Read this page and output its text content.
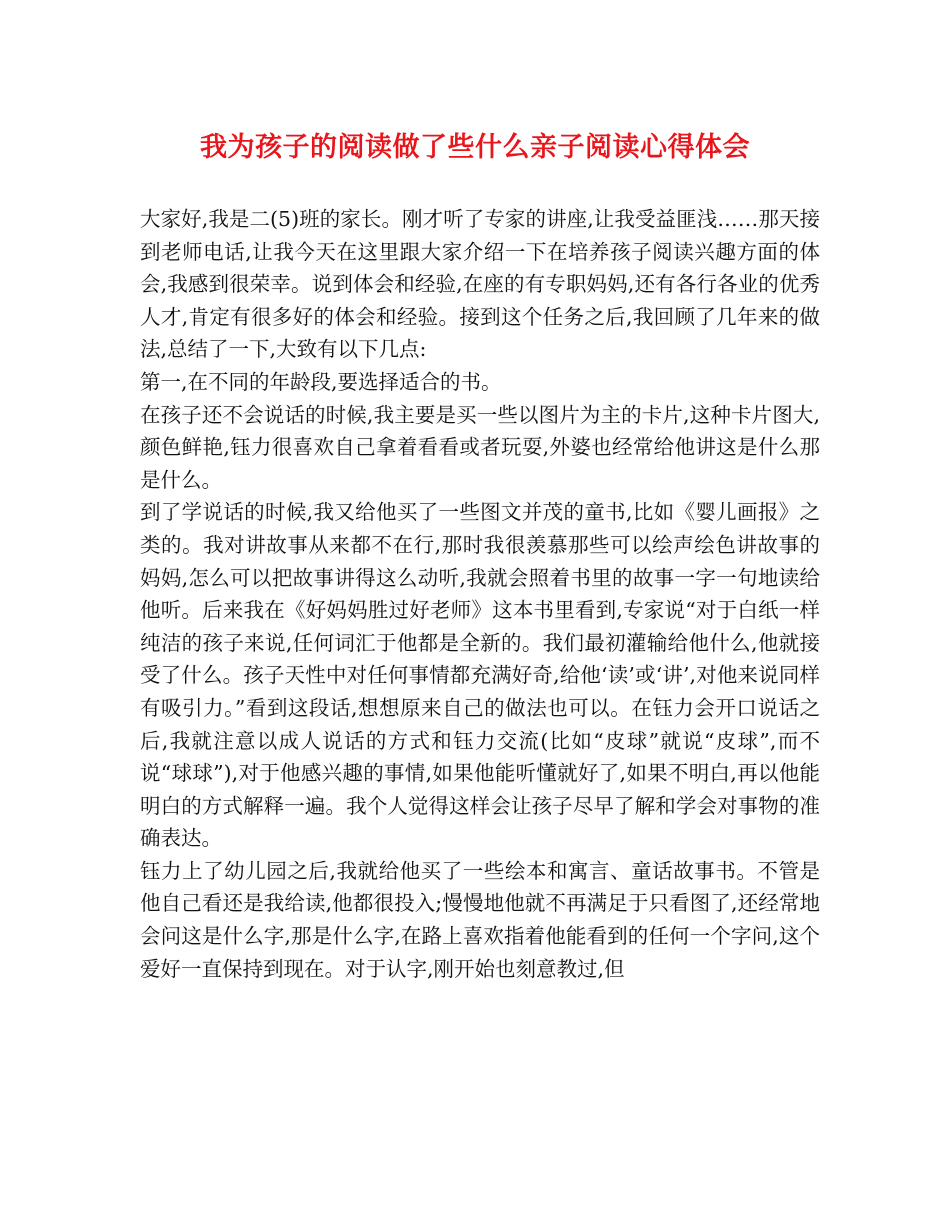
我为孩子的阅读做了些什么亲子阅读心得体会

大家好,我是二(5)班的家长。刚才听了专家的讲座,让我受益匪浅……那天接到老师电话,让我今天在这里跟大家介绍一下在培养孩子阅读兴趣方面的体会,我感到很荣幸。说到体会和经验,在座的有专职妈妈,还有各行各业的优秀人才,肯定有很多好的体会和经验。接到这个任务之后,我回顾了几年来的做法,总结了一下,大致有以下几点:

第一,在不同的年龄段,要选择适合的书。

在孩子还不会说话的时候,我主要是买一些以图片为主的卡片,这种卡片图大,颜色鲜艳,钰力很喜欢自己拿着看看或者玩耍,外婆也经常给他讲这是什么那是什么。

到了学说话的时候,我又给他买了一些图文并茂的童书,比如《婴儿画报》之类的。我对讲故事从来都不在行,那时我很羡慕那些可以绘声绘色讲故事的妈妈,怎么可以把故事讲得这么动听,我就会照着书里的故事一字一句地读给他听。后来我在《好妈妈胜过好老师》这本书里看到,专家说“对于白纸一样纯洁的孩子来说,任何词汇于他都是全新的。我们最初灌输给他什么,他就接受了什么。孩子天性中对任何事情都充满好奇,给他‘读’或‘讲’,对他来说同样有吸引力。”看到这段话,想想原来自己的做法也可以。在钰力会开口说话之后,我就注意以成人说话的方式和钰力交流(比如“皮球”就说“皮球”,而不说“球球”),对于他感兴趣的事情,如果他能听懂就好了,如果不明白,再以他能明白的方式解释一遍。我个人觉得这样会让孩子尽早了解和学会对事物的准确表达。

钰力上了幼儿园之后,我就给他买了一些绘本和寓言、童话故事书。不管是他自己看还是我给读,他都很投入;慢慢地他就不再满足于只看图了,还经常地会问这是什么字,那是什么字,在路上喜欢指着他能看到的任何一个字问,这个爱好一直保持到现在。对于认字,刚开始也刻意教过,但
